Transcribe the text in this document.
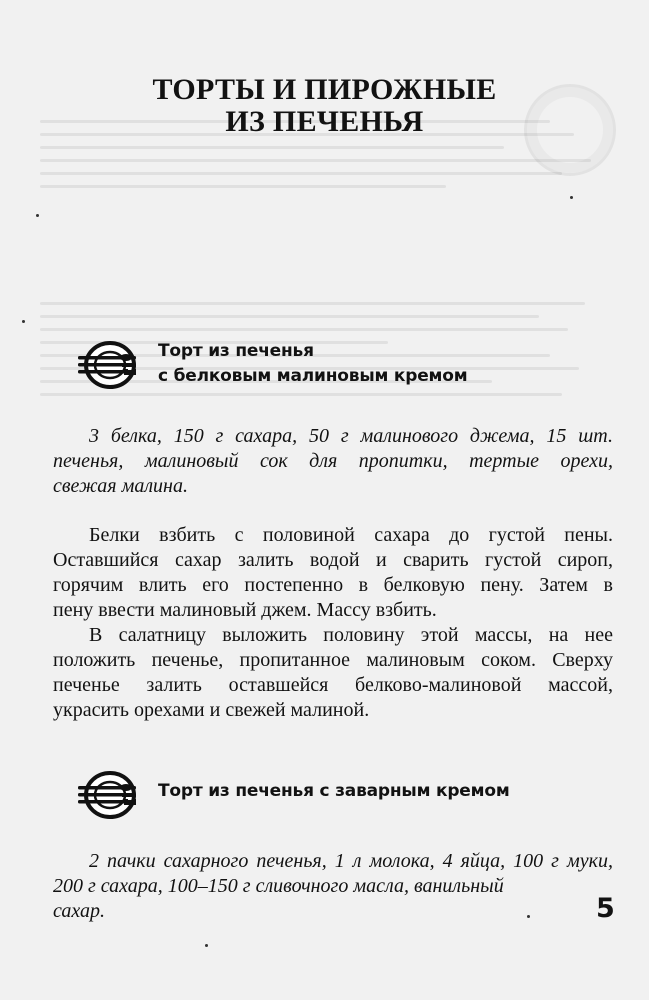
ТОРТЫ И ПИРОЖНЫЕ
ИЗ ПЕЧЕНЬЯ
Торт из печенья
с белковым малиновым кремом

3 белка, 150 г сахара, 50 г малинового джема, 15 шт.
печенья, малиновый сок для пропитки, тертые орехи,
свежая малина.

Белки взбить с половиной сахара до густой пены.
Оставшийся сахар залить водой и сварить густой сироп,
горячим влить его постепенно в белковую пену. Затем в
пену ввести малиновый джем. Массу взбить.

В салатницу выложить половину этой массы, на нее
положить печенье, пропитанное малиновым соком. Сверху
печенье залить оставшейся белково-малиновой массой,
украсить орехами и свежей малиной.

Торт из печенья с заварным кремом

2 пачки сахарного печенья, 1 л молока, 4 яйца, 100 г муки,
200 г сахара, 100–150 г сливочного масла, ванильный
сахар.	5
